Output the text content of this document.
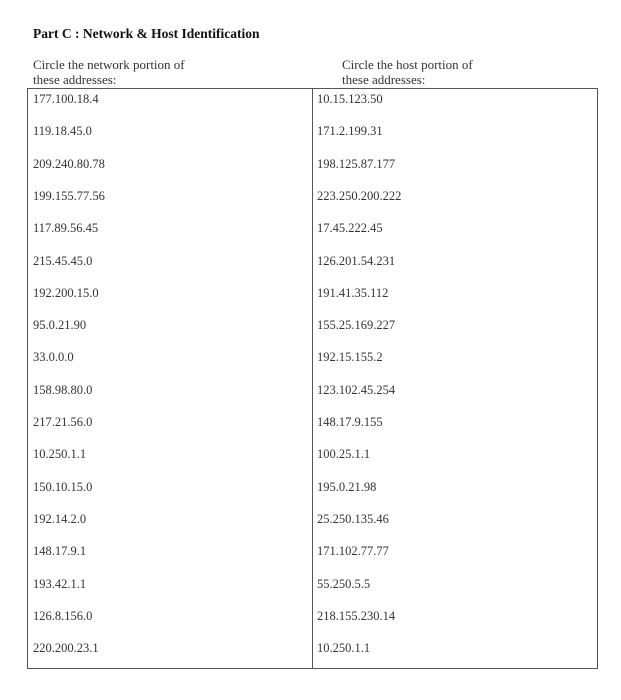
Part C : Network & Host Identification
Circle the network portion of
these addresses:
Circle the host portion of
these addresses:
177.100.18.4
119.18.45.0
209.240.80.78
199.155.77.56
117.89.56.45
215.45.45.0
192.200.15.0
95.0.21.90
33.0.0.0
158.98.80.0
217.21.56.0
10.250.1.1
150.10.15.0
192.14.2.0
148.17.9.1
193.42.1.1
126.8.156.0
220.200.23.1
10.15.123.50
171.2.199.31
198.125.87.177
223.250.200.222
17.45.222.45
126.201.54.231
191.41.35.112
155.25.169.227
192.15.155.2
123.102.45.254
148.17.9.155
100.25.1.1
195.0.21.98
25.250.135.46
171.102.77.77
55.250.5.5
218.155.230.14
10.250.1.1
